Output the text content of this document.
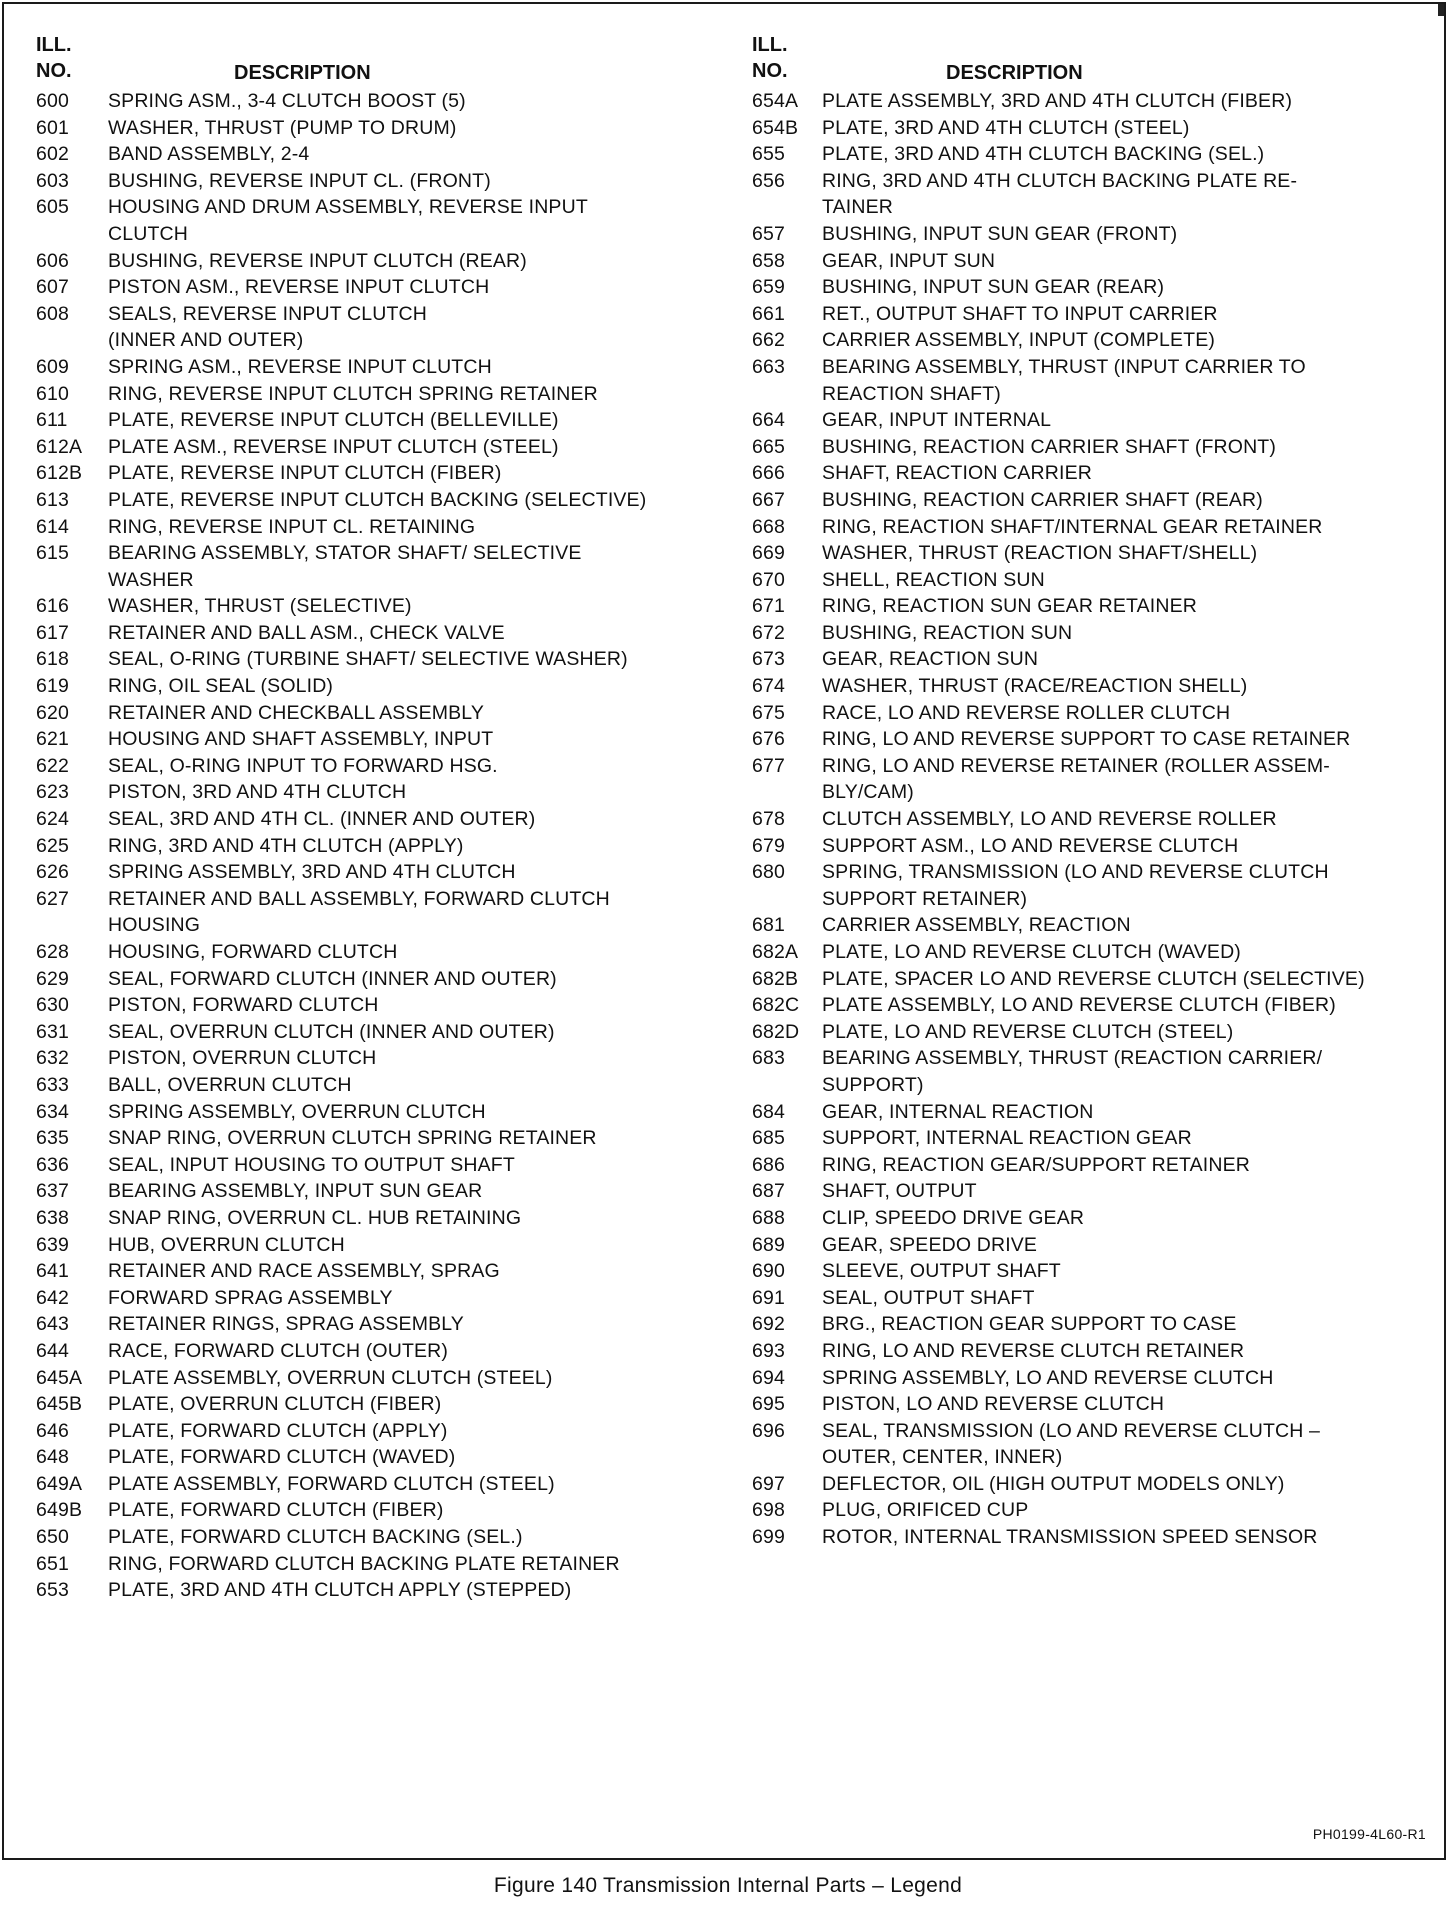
ILL.
NO.	DESCRIPTION
600	SPRING ASM., 3-4 CLUTCH BOOST (5)
601	WASHER, THRUST (PUMP TO DRUM)
602	BAND ASSEMBLY, 2-4
603	BUSHING, REVERSE INPUT CL. (FRONT)
605	HOUSING AND DRUM ASSEMBLY, REVERSE INPUT
CLUTCH
606	BUSHING, REVERSE INPUT CLUTCH (REAR)
607	PISTON ASM., REVERSE INPUT CLUTCH
608	SEALS, REVERSE INPUT CLUTCH
(INNER AND OUTER)
609	SPRING ASM., REVERSE INPUT CLUTCH
610	RING, REVERSE INPUT CLUTCH SPRING RETAINER
611	PLATE, REVERSE INPUT CLUTCH (BELLEVILLE)
612A	PLATE ASM., REVERSE INPUT CLUTCH (STEEL)
612B	PLATE, REVERSE INPUT CLUTCH (FIBER)
613	PLATE, REVERSE INPUT CLUTCH BACKING (SELECTIVE)
614	RING, REVERSE INPUT CL. RETAINING
615	BEARING ASSEMBLY, STATOR SHAFT/ SELECTIVE
WASHER
616	WASHER, THRUST (SELECTIVE)
617	RETAINER AND BALL ASM., CHECK VALVE
618	SEAL, O-RING (TURBINE SHAFT/ SELECTIVE WASHER)
619	RING, OIL SEAL (SOLID)
620	RETAINER AND CHECKBALL ASSEMBLY
621	HOUSING AND SHAFT ASSEMBLY, INPUT
622	SEAL, O-RING INPUT TO FORWARD HSG.
623	PISTON, 3RD AND 4TH CLUTCH
624	SEAL, 3RD AND 4TH CL. (INNER AND OUTER)
625	RING, 3RD AND 4TH CLUTCH (APPLY)
626	SPRING ASSEMBLY, 3RD AND 4TH CLUTCH
627	RETAINER AND BALL ASSEMBLY, FORWARD CLUTCH
HOUSING
628	HOUSING, FORWARD CLUTCH
629	SEAL, FORWARD CLUTCH (INNER AND OUTER)
630	PISTON, FORWARD CLUTCH
631	SEAL, OVERRUN CLUTCH (INNER AND OUTER)
632	PISTON, OVERRUN CLUTCH
633	BALL, OVERRUN CLUTCH
634	SPRING ASSEMBLY, OVERRUN CLUTCH
635	SNAP RING, OVERRUN CLUTCH SPRING RETAINER
636	SEAL, INPUT HOUSING TO OUTPUT SHAFT
637	BEARING ASSEMBLY, INPUT SUN GEAR
638	SNAP RING, OVERRUN CL. HUB RETAINING
639	HUB, OVERRUN CLUTCH
641	RETAINER AND RACE ASSEMBLY, SPRAG
642	FORWARD SPRAG ASSEMBLY
643	RETAINER RINGS, SPRAG ASSEMBLY
644	RACE, FORWARD CLUTCH (OUTER)
645A	PLATE ASSEMBLY, OVERRUN CLUTCH (STEEL)
645B	PLATE, OVERRUN CLUTCH (FIBER)
646	PLATE, FORWARD CLUTCH (APPLY)
648	PLATE, FORWARD CLUTCH (WAVED)
649A	PLATE ASSEMBLY, FORWARD CLUTCH (STEEL)
649B	PLATE, FORWARD CLUTCH (FIBER)
650	PLATE, FORWARD CLUTCH BACKING (SEL.)
651	RING, FORWARD CLUTCH BACKING PLATE RETAINER
653	PLATE, 3RD AND 4TH CLUTCH APPLY (STEPPED)
ILL.
NO.	DESCRIPTION
654A	PLATE ASSEMBLY, 3RD AND 4TH CLUTCH (FIBER)
654B	PLATE, 3RD AND 4TH CLUTCH (STEEL)
655	PLATE, 3RD AND 4TH CLUTCH BACKING (SEL.)
656	RING, 3RD AND 4TH CLUTCH BACKING PLATE RE-
TAINER
657	BUSHING, INPUT SUN GEAR (FRONT)
658	GEAR, INPUT SUN
659	BUSHING, INPUT SUN GEAR (REAR)
661	RET., OUTPUT SHAFT TO INPUT CARRIER
662	CARRIER ASSEMBLY, INPUT (COMPLETE)
663	BEARING ASSEMBLY, THRUST (INPUT CARRIER TO
REACTION SHAFT)
664	GEAR, INPUT INTERNAL
665	BUSHING, REACTION CARRIER SHAFT (FRONT)
666	SHAFT, REACTION CARRIER
667	BUSHING, REACTION CARRIER SHAFT (REAR)
668	RING, REACTION SHAFT/INTERNAL GEAR RETAINER
669	WASHER, THRUST (REACTION SHAFT/SHELL)
670	SHELL, REACTION SUN
671	RING, REACTION SUN GEAR RETAINER
672	BUSHING, REACTION SUN
673	GEAR, REACTION SUN
674	WASHER, THRUST (RACE/REACTION SHELL)
675	RACE, LO AND REVERSE ROLLER CLUTCH
676	RING, LO AND REVERSE SUPPORT TO CASE RETAINER
677	RING, LO AND REVERSE RETAINER (ROLLER ASSEM-
BLY/CAM)
678	CLUTCH ASSEMBLY, LO AND REVERSE ROLLER
679	SUPPORT ASM., LO AND REVERSE CLUTCH
680	SPRING, TRANSMISSION (LO AND REVERSE CLUTCH
SUPPORT RETAINER)
681	CARRIER ASSEMBLY, REACTION
682A	PLATE, LO AND REVERSE CLUTCH (WAVED)
682B	PLATE, SPACER LO AND REVERSE CLUTCH (SELECTIVE)
682C	PLATE ASSEMBLY, LO AND REVERSE CLUTCH (FIBER)
682D	PLATE, LO AND REVERSE CLUTCH (STEEL)
683	BEARING ASSEMBLY, THRUST (REACTION CARRIER/
SUPPORT)
684	GEAR, INTERNAL REACTION
685	SUPPORT, INTERNAL REACTION GEAR
686	RING, REACTION GEAR/SUPPORT RETAINER
687	SHAFT, OUTPUT
688	CLIP, SPEEDO DRIVE GEAR
689	GEAR, SPEEDO DRIVE
690	SLEEVE, OUTPUT SHAFT
691	SEAL, OUTPUT SHAFT
692	BRG., REACTION GEAR SUPPORT TO CASE
693	RING, LO AND REVERSE CLUTCH RETAINER
694	SPRING ASSEMBLY, LO AND REVERSE CLUTCH
695	PISTON, LO AND REVERSE CLUTCH
696	SEAL, TRANSMISSION (LO AND REVERSE CLUTCH –
OUTER, CENTER, INNER)
697	DEFLECTOR, OIL (HIGH OUTPUT MODELS ONLY)
698	PLUG, ORIFICED CUP
699	ROTOR, INTERNAL TRANSMISSION SPEED SENSOR
PH0199-4L60-R1
Figure 140 Transmission Internal Parts – Legend
